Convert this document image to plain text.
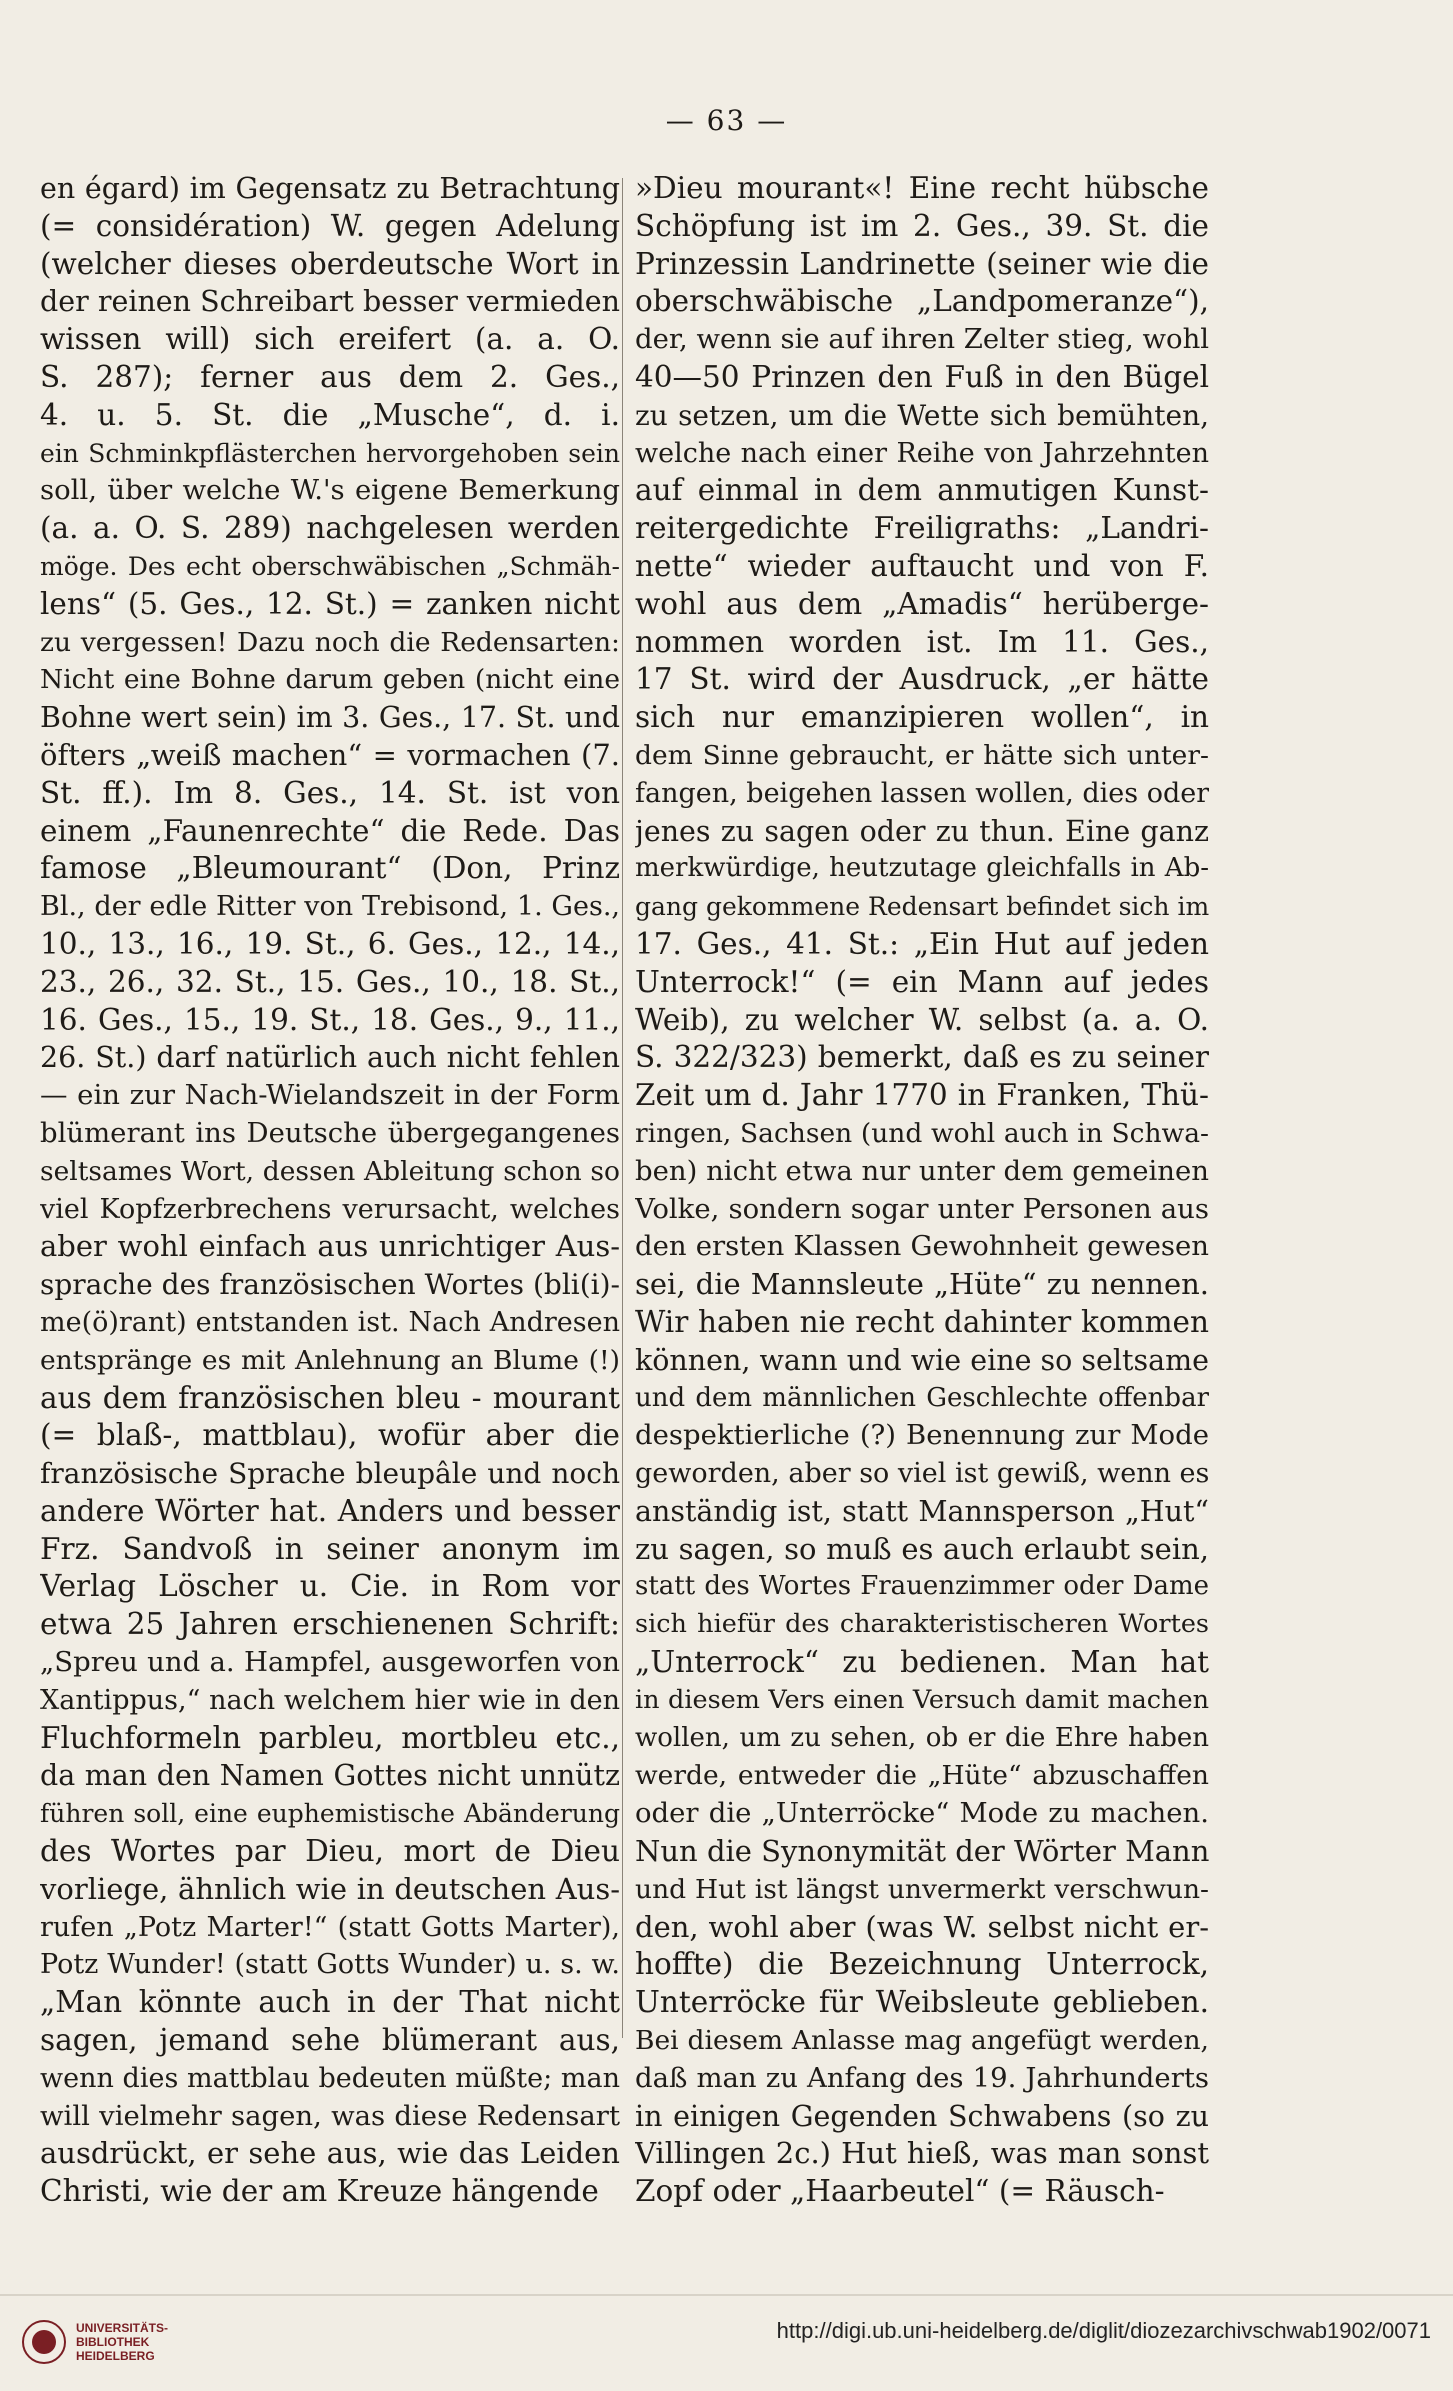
— 63 —
en égard) im Gegensatz zu Betrachtung
(= considération) W. gegen Adelung
(welcher dieses oberdeutsche Wort in
der reinen Schreibart besser vermieden
wissen will) sich ereifert (a. a. O.
S. 287); ferner aus dem 2. Ges.,
4. u. 5. St. die „Musche“, d. i.
ein Schminkpflästerchen hervorgehoben sein
soll, über welche W.'s eigene Bemerkung
(a. a. O. S. 289) nachgelesen werden
möge. Des echt oberschwäbischen „Schmäh-
lens“ (5. Ges., 12. St.) = zanken nicht
zu vergessen! Dazu noch die Redensarten:
Nicht eine Bohne darum geben (nicht eine
Bohne wert sein) im 3. Ges., 17. St. und
öfters „weiß machen“ = vormachen (7.
St. ff.). Im 8. Ges., 14. St. ist von
einem „Faunenrechte“ die Rede. Das
famose „Bleumourant“ (Don, Prinz
Bl., der edle Ritter von Trebisond, 1. Ges.,
10., 13., 16., 19. St., 6. Ges., 12., 14.,
23., 26., 32. St., 15. Ges., 10., 18. St.,
16. Ges., 15., 19. St., 18. Ges., 9., 11.,
26. St.) darf natürlich auch nicht fehlen
— ein zur Nach-Wielandszeit in der Form
blümerant ins Deutsche übergegangenes
seltsames Wort, dessen Ableitung schon so
viel Kopfzerbrechens verursacht, welches
aber wohl einfach aus unrichtiger Aus-
sprache des französischen Wortes (bli(i)-
me(ö)rant) entstanden ist. Nach Andresen
entspränge es mit Anlehnung an Blume (!)
aus dem französischen bleu - mourant
(= blaß-, mattblau), wofür aber die
französische Sprache bleupâle und noch
andere Wörter hat. Anders und besser
Frz. Sandvoß in seiner anonym im
Verlag Löscher u. Cie. in Rom vor
etwa 25 Jahren erschienenen Schrift:
„Spreu und a. Hampfel, ausgeworfen von
Xantippus,“ nach welchem hier wie in den
Fluchformeln parbleu, mortbleu etc.,
da man den Namen Gottes nicht unnütz
führen soll, eine euphemistische Abänderung
des Wortes par Dieu, mort de Dieu
vorliege, ähnlich wie in deutschen Aus-
rufen „Potz Marter!“ (statt Gotts Marter),
Potz Wunder! (statt Gotts Wunder) u. s. w.
„Man könnte auch in der That nicht
sagen, jemand sehe blümerant aus,
wenn dies mattblau bedeuten müßte; man
will vielmehr sagen, was diese Redensart
ausdrückt, er sehe aus, wie das Leiden
Christi, wie der am Kreuze hängende
»Dieu mourant«! Eine recht hübsche
Schöpfung ist im 2. Ges., 39. St. die
Prinzessin Landrinette (seiner wie die
oberschwäbische „Landpomeranze“),
der, wenn sie auf ihren Zelter stieg, wohl
40—50 Prinzen den Fuß in den Bügel
zu setzen, um die Wette sich bemühten,
welche nach einer Reihe von Jahrzehnten
auf einmal in dem anmutigen Kunst-
reitergedichte Freiligraths: „Landri-
nette“ wieder auftaucht und von F.
wohl aus dem „Amadis“ herüberge-
nommen worden ist. Im 11. Ges.,
17 St. wird der Ausdruck, „er hätte
sich nur emanzipieren wollen“, in
dem Sinne gebraucht, er hätte sich unter-
fangen, beigehen lassen wollen, dies oder
jenes zu sagen oder zu thun. Eine ganz
merkwürdige, heutzutage gleichfalls in Ab-
gang gekommene Redensart befindet sich im
17. Ges., 41. St.: „Ein Hut auf jeden
Unterrock!“ (= ein Mann auf jedes
Weib), zu welcher W. selbst (a. a. O.
S. 322/323) bemerkt, daß es zu seiner
Zeit um d. Jahr 1770 in Franken, Thü-
ringen, Sachsen (und wohl auch in Schwa-
ben) nicht etwa nur unter dem gemeinen
Volke, sondern sogar unter Personen aus
den ersten Klassen Gewohnheit gewesen
sei, die Mannsleute „Hüte“ zu nennen.
Wir haben nie recht dahinter kommen
können, wann und wie eine so seltsame
und dem männlichen Geschlechte offenbar
despektierliche (?) Benennung zur Mode
geworden, aber so viel ist gewiß, wenn es
anständig ist, statt Mannsperson „Hut“
zu sagen, so muß es auch erlaubt sein,
statt des Wortes Frauenzimmer oder Dame
sich hiefür des charakteristischeren Wortes
„Unterrock“ zu bedienen. Man hat
in diesem Vers einen Versuch damit machen
wollen, um zu sehen, ob er die Ehre haben
werde, entweder die „Hüte“ abzuschaffen
oder die „Unterröcke“ Mode zu machen.
Nun die Synonymität der Wörter Mann
und Hut ist längst unvermerkt verschwun-
den, wohl aber (was W. selbst nicht er-
hoffte) die Bezeichnung Unterrock,
Unterröcke für Weibsleute geblieben.
Bei diesem Anlasse mag angefügt werden,
daß man zu Anfang des 19. Jahrhunderts
in einigen Gegenden Schwabens (so zu
Villingen 2c.) Hut hieß, was man sonst
Zopf oder „Haarbeutel“ (= Räusch-
UNIVERSITÄTS-
BIBLIOTHEK
HEIDELBERG
http://digi.ub.uni-heidelberg.de/diglit/diozezarchivschwab1902/0071
